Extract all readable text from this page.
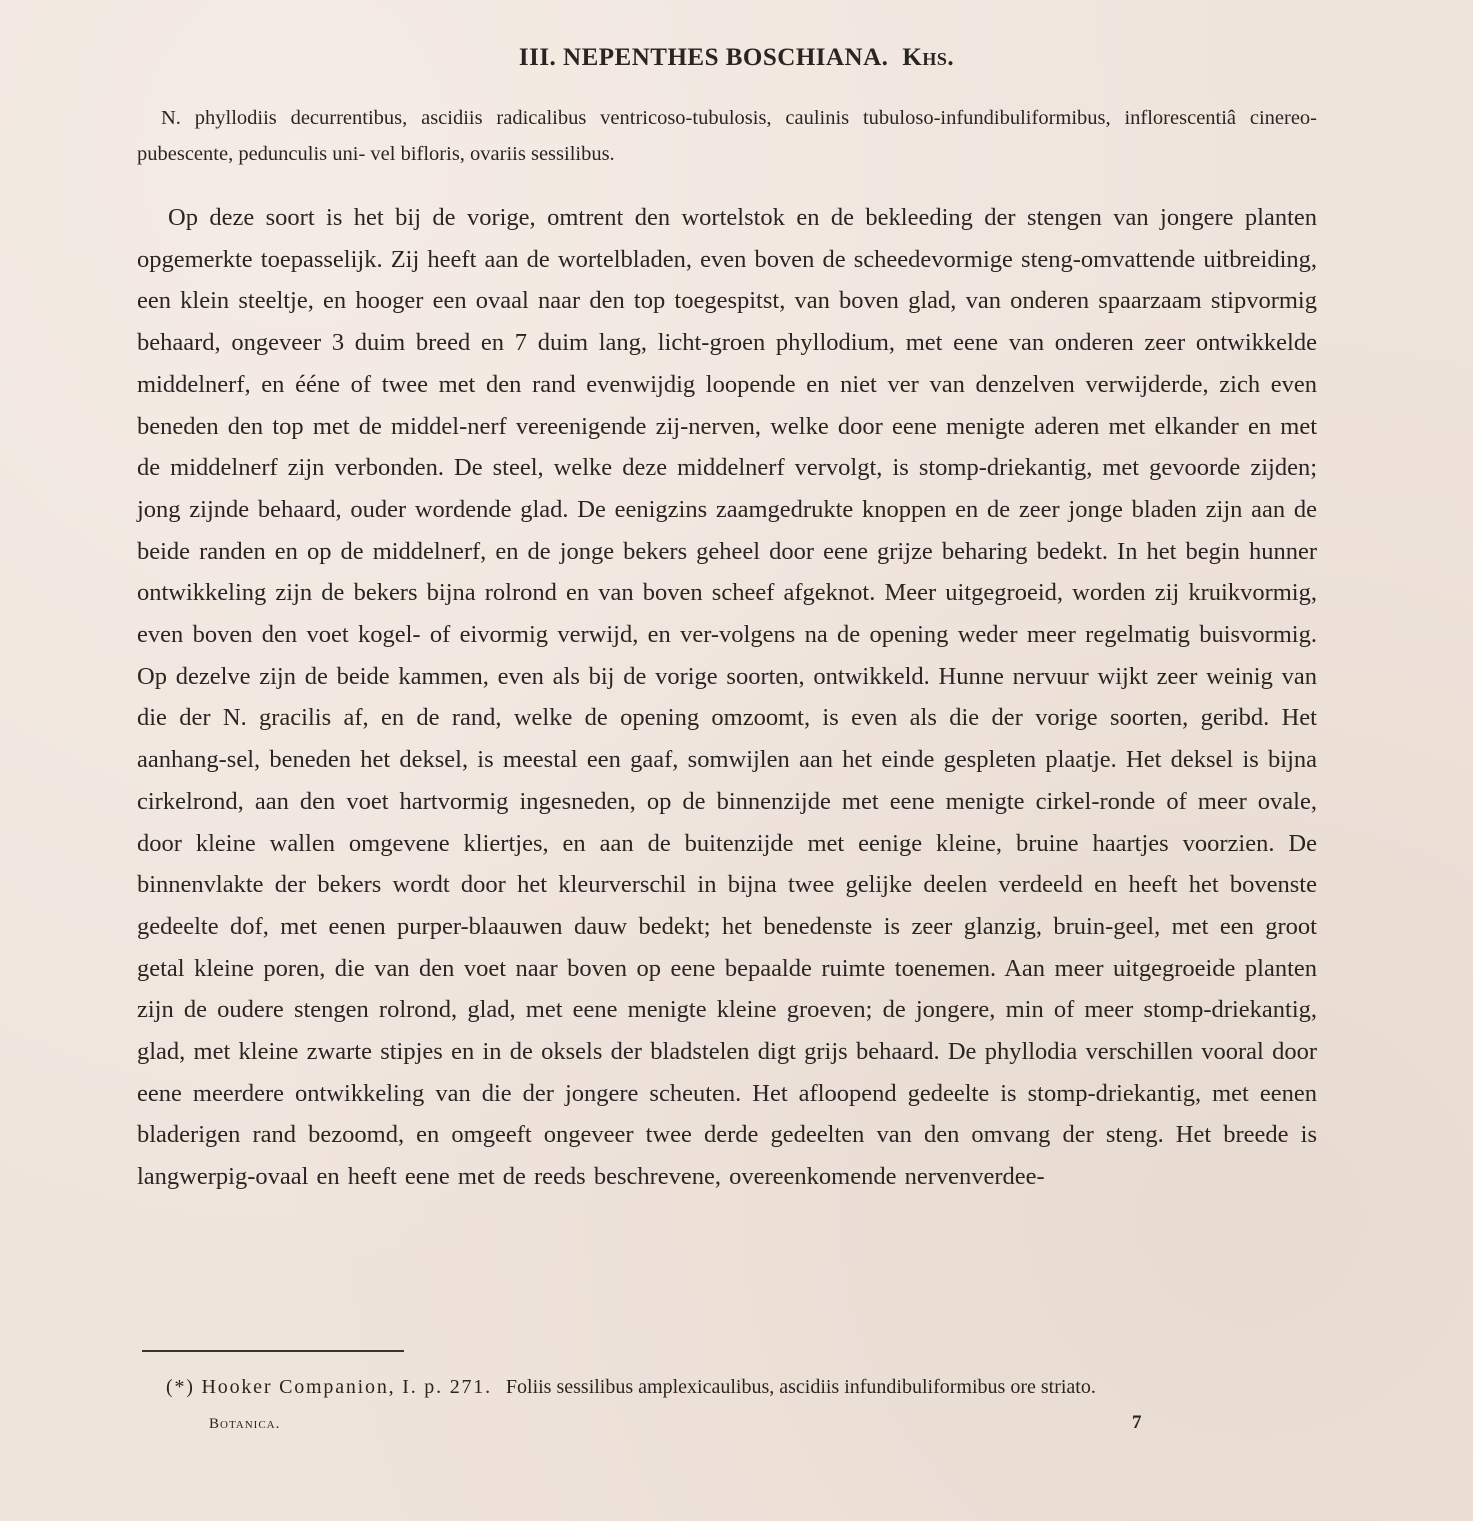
III. NEPENTHES BOSCHIANA. Khs.
N. phyllodiis decurrentibus, ascidiis radicalibus ventricoso-tubulosis, caulinis tubuloso-infundibuliformibus, inflorescentiâ cinereo-pubescente, pedunculis uni- vel bifloris, ovariis sessilibus.
Op deze soort is het bij de vorige, omtrent den wortelstok en de bekleeding der stengen van jongere planten opgemerkte toepasselijk. Zij heeft aan de wortelbladen, even boven de scheedevormige steng-omvattende uitbreiding, een klein steeltje, en hooger een ovaal naar den top toegespitst, van boven glad, van onderen spaarzaam stipvormig behaard, ongeveer 3 duim breed en 7 duim lang, licht-groen phyllodium, met eene van onderen zeer ontwikkelde middelnerf, en ééne of twee met den rand evenwijdig loopende en niet ver van denzelven verwijderde, zich even beneden den top met de middel-nerf vereenigende zij-nerven, welke door eene menigte aderen met elkander en met de middelnerf zijn verbonden. De steel, welke deze middelnerf vervolgt, is stomp-driekantig, met gevoorde zijden; jong zijnde behaard, ouder wordende glad. De eenigzins zaamgedrukte knoppen en de zeer jonge bladen zijn aan de beide randen en op de middelnerf, en de jonge bekers geheel door eene grijze beharing bedekt. In het begin hunner ontwikkeling zijn de bekers bijna rolrond en van boven scheef afgeknot. Meer uitgegroeid, worden zij kruikvormig, even boven den voet kogel- of eivormig verwijd, en ver-volgens na de opening weder meer regelmatig buisvormig. Op dezelve zijn de beide kammen, even als bij de vorige soorten, ontwikkeld. Hunne nervuur wijkt zeer weinig van die der N. gracilis af, en de rand, welke de opening omzoomt, is even als die der vorige soorten, geribd. Het aanhang-sel, beneden het deksel, is meestal een gaaf, somwijlen aan het einde gespleten plaatje. Het deksel is bijna cirkelrond, aan den voet hartvormig ingesneden, op de binnenzijde met eene menigte cirkel-ronde of meer ovale, door kleine wallen omgevene kliertjes, en aan de buitenzijde met eenige kleine, bruine haartjes voorzien. De binnenvlakte der bekers wordt door het kleurverschil in bijna twee gelijke deelen verdeeld en heeft het bovenste gedeelte dof, met eenen purper-blaauwen dauw bedekt; het benedenste is zeer glanzig, bruin-geel, met een groot getal kleine poren, die van den voet naar boven op eene bepaalde ruimte toenemen. Aan meer uitgegroeide planten zijn de oudere stengen rolrond, glad, met eene menigte kleine groeven; de jongere, min of meer stomp-driekantig, glad, met kleine zwarte stipjes en in de oksels der bladstelen digt grijs behaard. De phyllodia verschillen vooral door eene meerdere ontwikkeling van die der jongere scheuten. Het afloopend gedeelte is stomp-driekantig, met eenen bladerigen rand bezoomd, en omgeeft ongeveer twee derde gedeelten van den omvang der steng. Het breede is langwerpig-ovaal en heeft eene met de reeds beschrevene, overeenkomende nervenverdee-
(*) Hooker Companion, I. p. 271. Foliis sessilibus amplexicaulibus, ascidiis infundibuliformibus ore striato.
Botanica.	7
